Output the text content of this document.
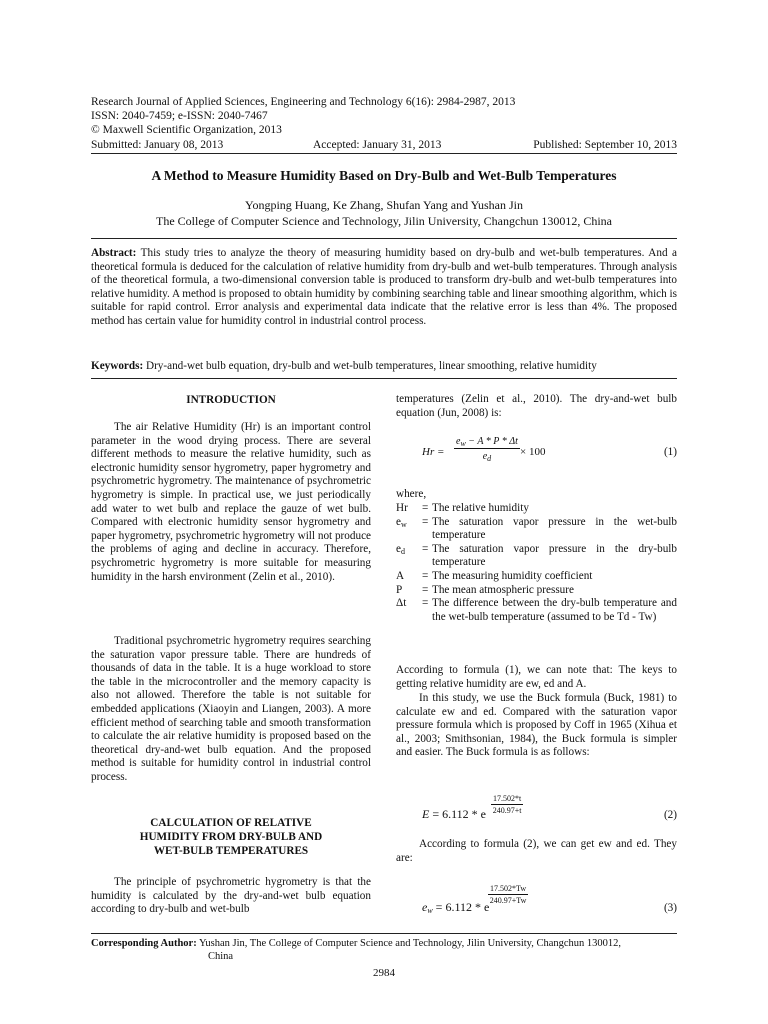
Research Journal of Applied Sciences, Engineering and Technology 6(16): 2984-2987, 2013
ISSN: 2040-7459; e-ISSN: 2040-7467
© Maxwell Scientific Organization, 2013
Submitted: January 08, 2013	Accepted: January 31, 2013	Published: September 10, 2013
A Method to Measure Humidity Based on Dry-Bulb and Wet-Bulb Temperatures
Yongping Huang, Ke Zhang, Shufan Yang and Yushan Jin
The College of Computer Science and Technology, Jilin University, Changchun 130012, China
Abstract: This study tries to analyze the theory of measuring humidity based on dry-bulb and wet-bulb temperatures. And a theoretical formula is deduced for the calculation of relative humidity from dry-bulb and wet-bulb temperatures. Through analysis of the theoretical formula, a two-dimensional conversion table is produced to transform dry-bulb and wet-bulb temperatures into relative humidity. A method is proposed to obtain humidity by combining searching table and linear smoothing algorithm, which is suitable for rapid control. Error analysis and experimental data indicate that the relative error is less than 4%. The proposed method has certain value for humidity control in industrial control process.
Keywords: Dry-and-wet bulb equation, dry-bulb and wet-bulb temperatures, linear smoothing, relative humidity
INTRODUCTION
The air Relative Humidity (Hr) is an important control parameter in the wood drying process. There are several different methods to measure the relative humidity, such as electronic humidity sensor hygrometry, paper hygrometry and psychrometric hygrometry. The maintenance of psychrometric hygrometry is simple. In practical use, we just periodically add water to wet bulb and replace the gauze of wet bulb. Compared with electronic humidity sensor hygrometry and paper hygrometry, psychrometric hygrometry will not produce the problems of aging and decline in accuracy. Therefore, psychrometric hygrometry is more suitable for measuring humidity in the harsh environment (Zelin et al., 2010).
Traditional psychrometric hygrometry requires searching the saturation vapor pressure table. There are hundreds of thousands of data in the table. It is a huge workload to store the table in the microcontroller and the memory capacity is also not allowed. Therefore the table is not suitable for embedded applications (Xiaoyin and Liangen, 2003). A more efficient method of searching table and smooth transformation to calculate the air relative humidity is proposed based on the theoretical dry-and-wet bulb equation. And the proposed method is suitable for humidity control in industrial control process.
CALCULATION OF RELATIVE
HUMIDITY FROM DRY-BULB AND
WET-BULB TEMPERATURES
The principle of psychrometric hygrometry is that the humidity is calculated by the dry-and-wet bulb equation according to dry-bulb and wet-bulb
temperatures (Zelin et al., 2010). The dry-and-wet bulb equation (Jun, 2008) is:
$Hr = \frac{e_w - A * P * \Delta t}{e_d} \times 100$	(1)
where,
Hr	= The relative humidity
$e_w$	= The saturation vapor pressure in the wet-bulb temperature
$e_d$	= The saturation vapor pressure in the dry-bulb temperature
A	= The measuring humidity coefficient
P	= The mean atmospheric pressure
Δt	= The difference between the dry-bulb temperature and the wet-bulb temperature (assumed to be Td - Tw)
According to formula (1), we can note that: The keys to getting relative humidity are ew, ed and A.
In this study, we use the Buck formula (Buck, 1981) to calculate ew and ed. Compared with the saturation vapor pressure formula which is proposed by Coff in 1965 (Xihua et al., 2003; Smithsonian, 1984), the Buck formula is simpler and easier. The Buck formula is as follows:
E = 6.112 * e $\frac{17.502*t}{240.97+t}$	(2)
According to formula (2), we can get ew and ed. They are:
$e_w = 6.112 * e$
$\frac{17.502*Tw}{240.97+Tw}$
(3)
Corresponding Author: Yushan Jin, The College of Computer Science and Technology, Jilin University, Changchun 130012,
China
2984
